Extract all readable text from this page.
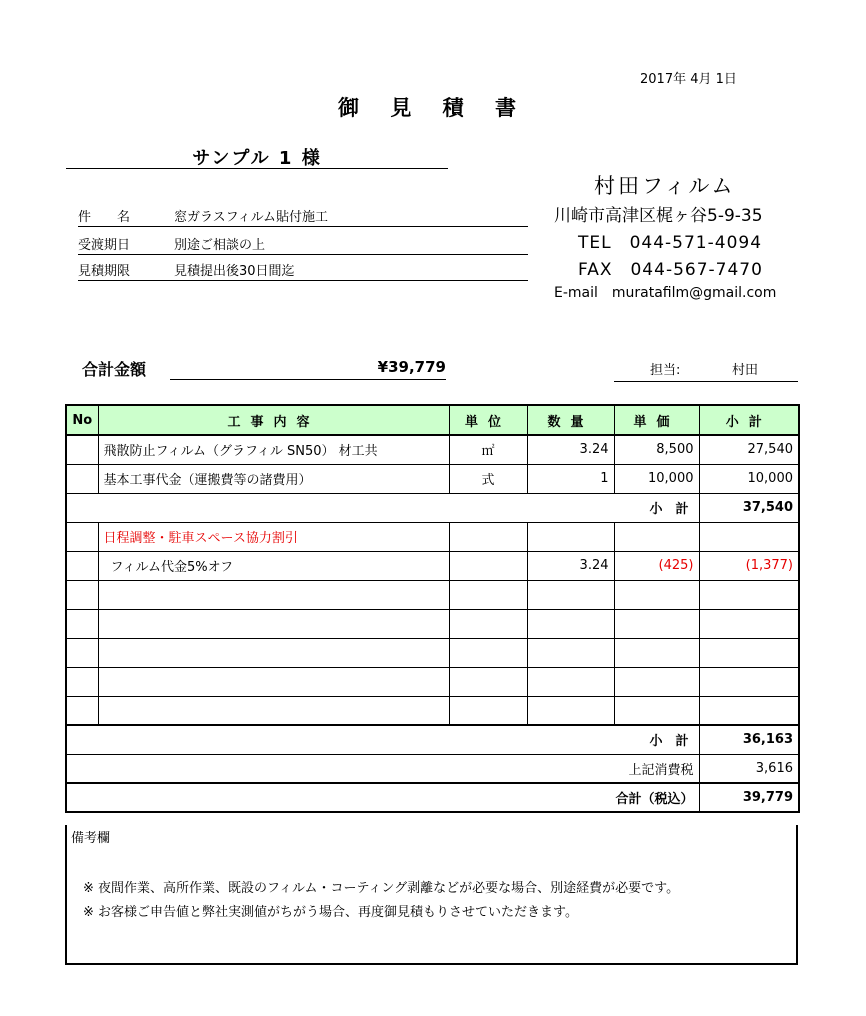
2017年 4月 1日
御 見 積 書
サンプル 1 様
件　　名	窓ガラスフィルム貼付施工
受渡期日	別途ご相談の上
見積期限	見積提出後30日間迄
村田フィルム
川崎市高津区梶ヶ谷5-9-35
TEL　044-571-4094
FAX　044-567-7470
E-mail　muratafilm@gmail.com
合計金額	¥39,779	担当:	村田
No	工事内容	単位	数量	単価	小計
	飛散防止フィルム（グラフィル SN50） 材工共	㎡	3.24	8,500	27,540
	基本工事代金（運搬費等の諸費用）	式	1	10,000	10,000
小　計					37,540
	日程調整・駐車スペース協力割引				
	フィルム代金5%オフ		3.24	(425)	(1,377)

小　計					36,163
上記消費税					3,616
合計（税込）					39,779
備考欄
※ 夜間作業、高所作業、既設のフィルム・コーティング剥離などが必要な場合、別途経費が必要です。
※ お客様ご申告値と弊社実測値がちがう場合、再度御見積もりさせていただきます。
